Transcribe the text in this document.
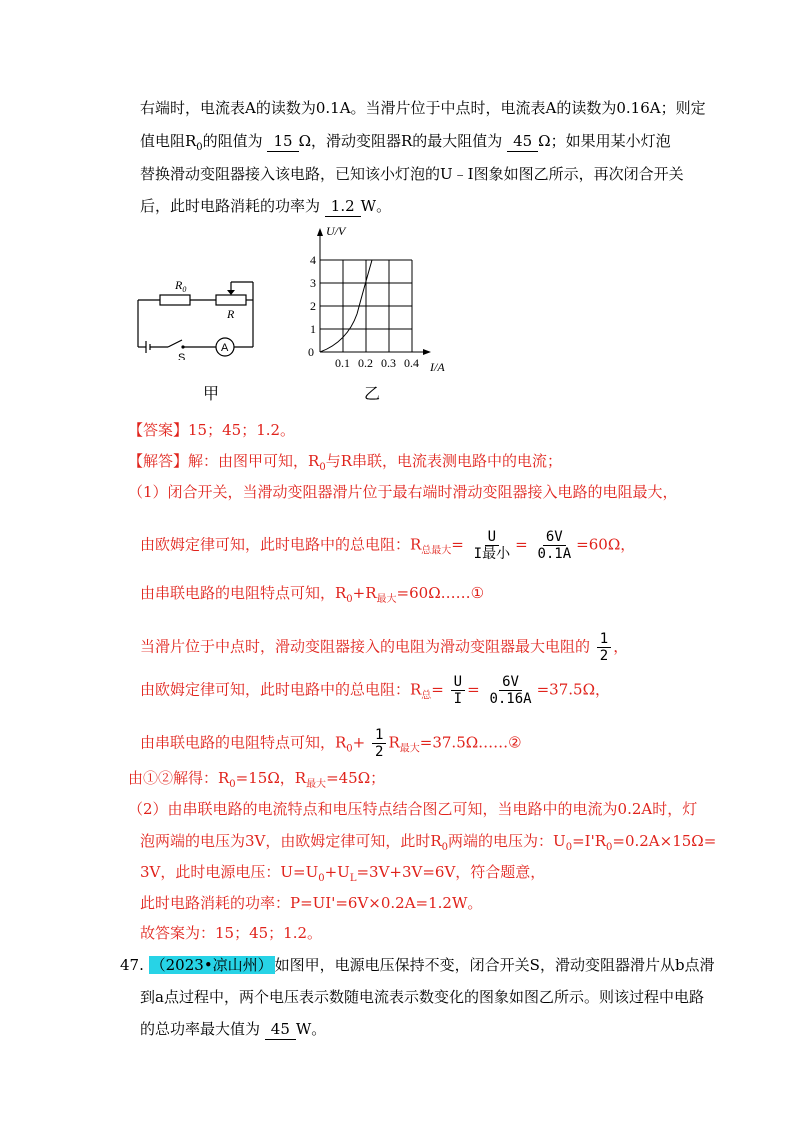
右端时，电流表A的读数为0.1A。当滑片位于中点时，电流表A的读数为0.16A；则定
值电阻$R_0$的阻值为 15 Ω，滑动变阻器R的最大阻值为 45 Ω；如果用某小灯泡
替换滑动变阻器接入该电路，已知该小灯泡的U﹣I图象如图乙所示，再次闭合开关
后，此时电路消耗的功率为 1.2 W。
$R_0$
R
S
A
甲
U/V
I/A
4
3
2
1
0
0.1 0.2 0.3 0.4
乙
【答案】15；45；1.2。
【解答】解：由图甲可知，$R_0$与R串联，电流表测电路中的电流；
（1）闭合开关，当滑动变阻器滑片位于最右端时滑动变阻器接入电路的电阻最大，
由欧姆定律可知，此时电路中的总电阻：$R_{总最大}= \frac{U}{\text{I最小}} = \frac{6V}{0.1A} =60\Omega$，
由串联电路的电阻特点可知，$R_0+R_{最大}=60\Omega\dots\dots ①$
当滑片位于中点时，滑动变阻器接入的电阻为滑动变阻器最大电阻的 $\frac{1}{2}$ ，
由欧姆定律可知，此时电路中的总电阻：$R_总= \frac{U}{I} = \frac{6V}{0.16A} =37.5\Omega$，
由串联电路的电阻特点可知，$R_0+ \frac{1}{2}$ $R_{最大}=37.5\Omega\dots\dots ②$
由①②解得：$R_0=15\Omega$，$R_{最大}=45\Omega$；
（2）由串联电路的电流特点和电压特点结合图乙可知，当电路中的电流为0.2A时，灯
泡两端的电压为3V，由欧姆定律可知，此时$R_0$两端的电压为：$U_0=I'R_0=0.2A\times 15\Omega=$
3V，此时电源电压：$U=U_0+U_L=3V+3V=6V$，符合题意，
此时电路消耗的功率：P=UI'=6V×0.2A=1.2W。
故答案为：15；45；1.2。
47. （2023•凉山州） 如图甲，电源电压保持不变，闭合开关S，滑动变阻器滑片从b点滑
到a点过程中，两个电压表示数随电流表示数变化的图象如图乙所示。则该过程中电路
的总功率最大值为 45 W。
